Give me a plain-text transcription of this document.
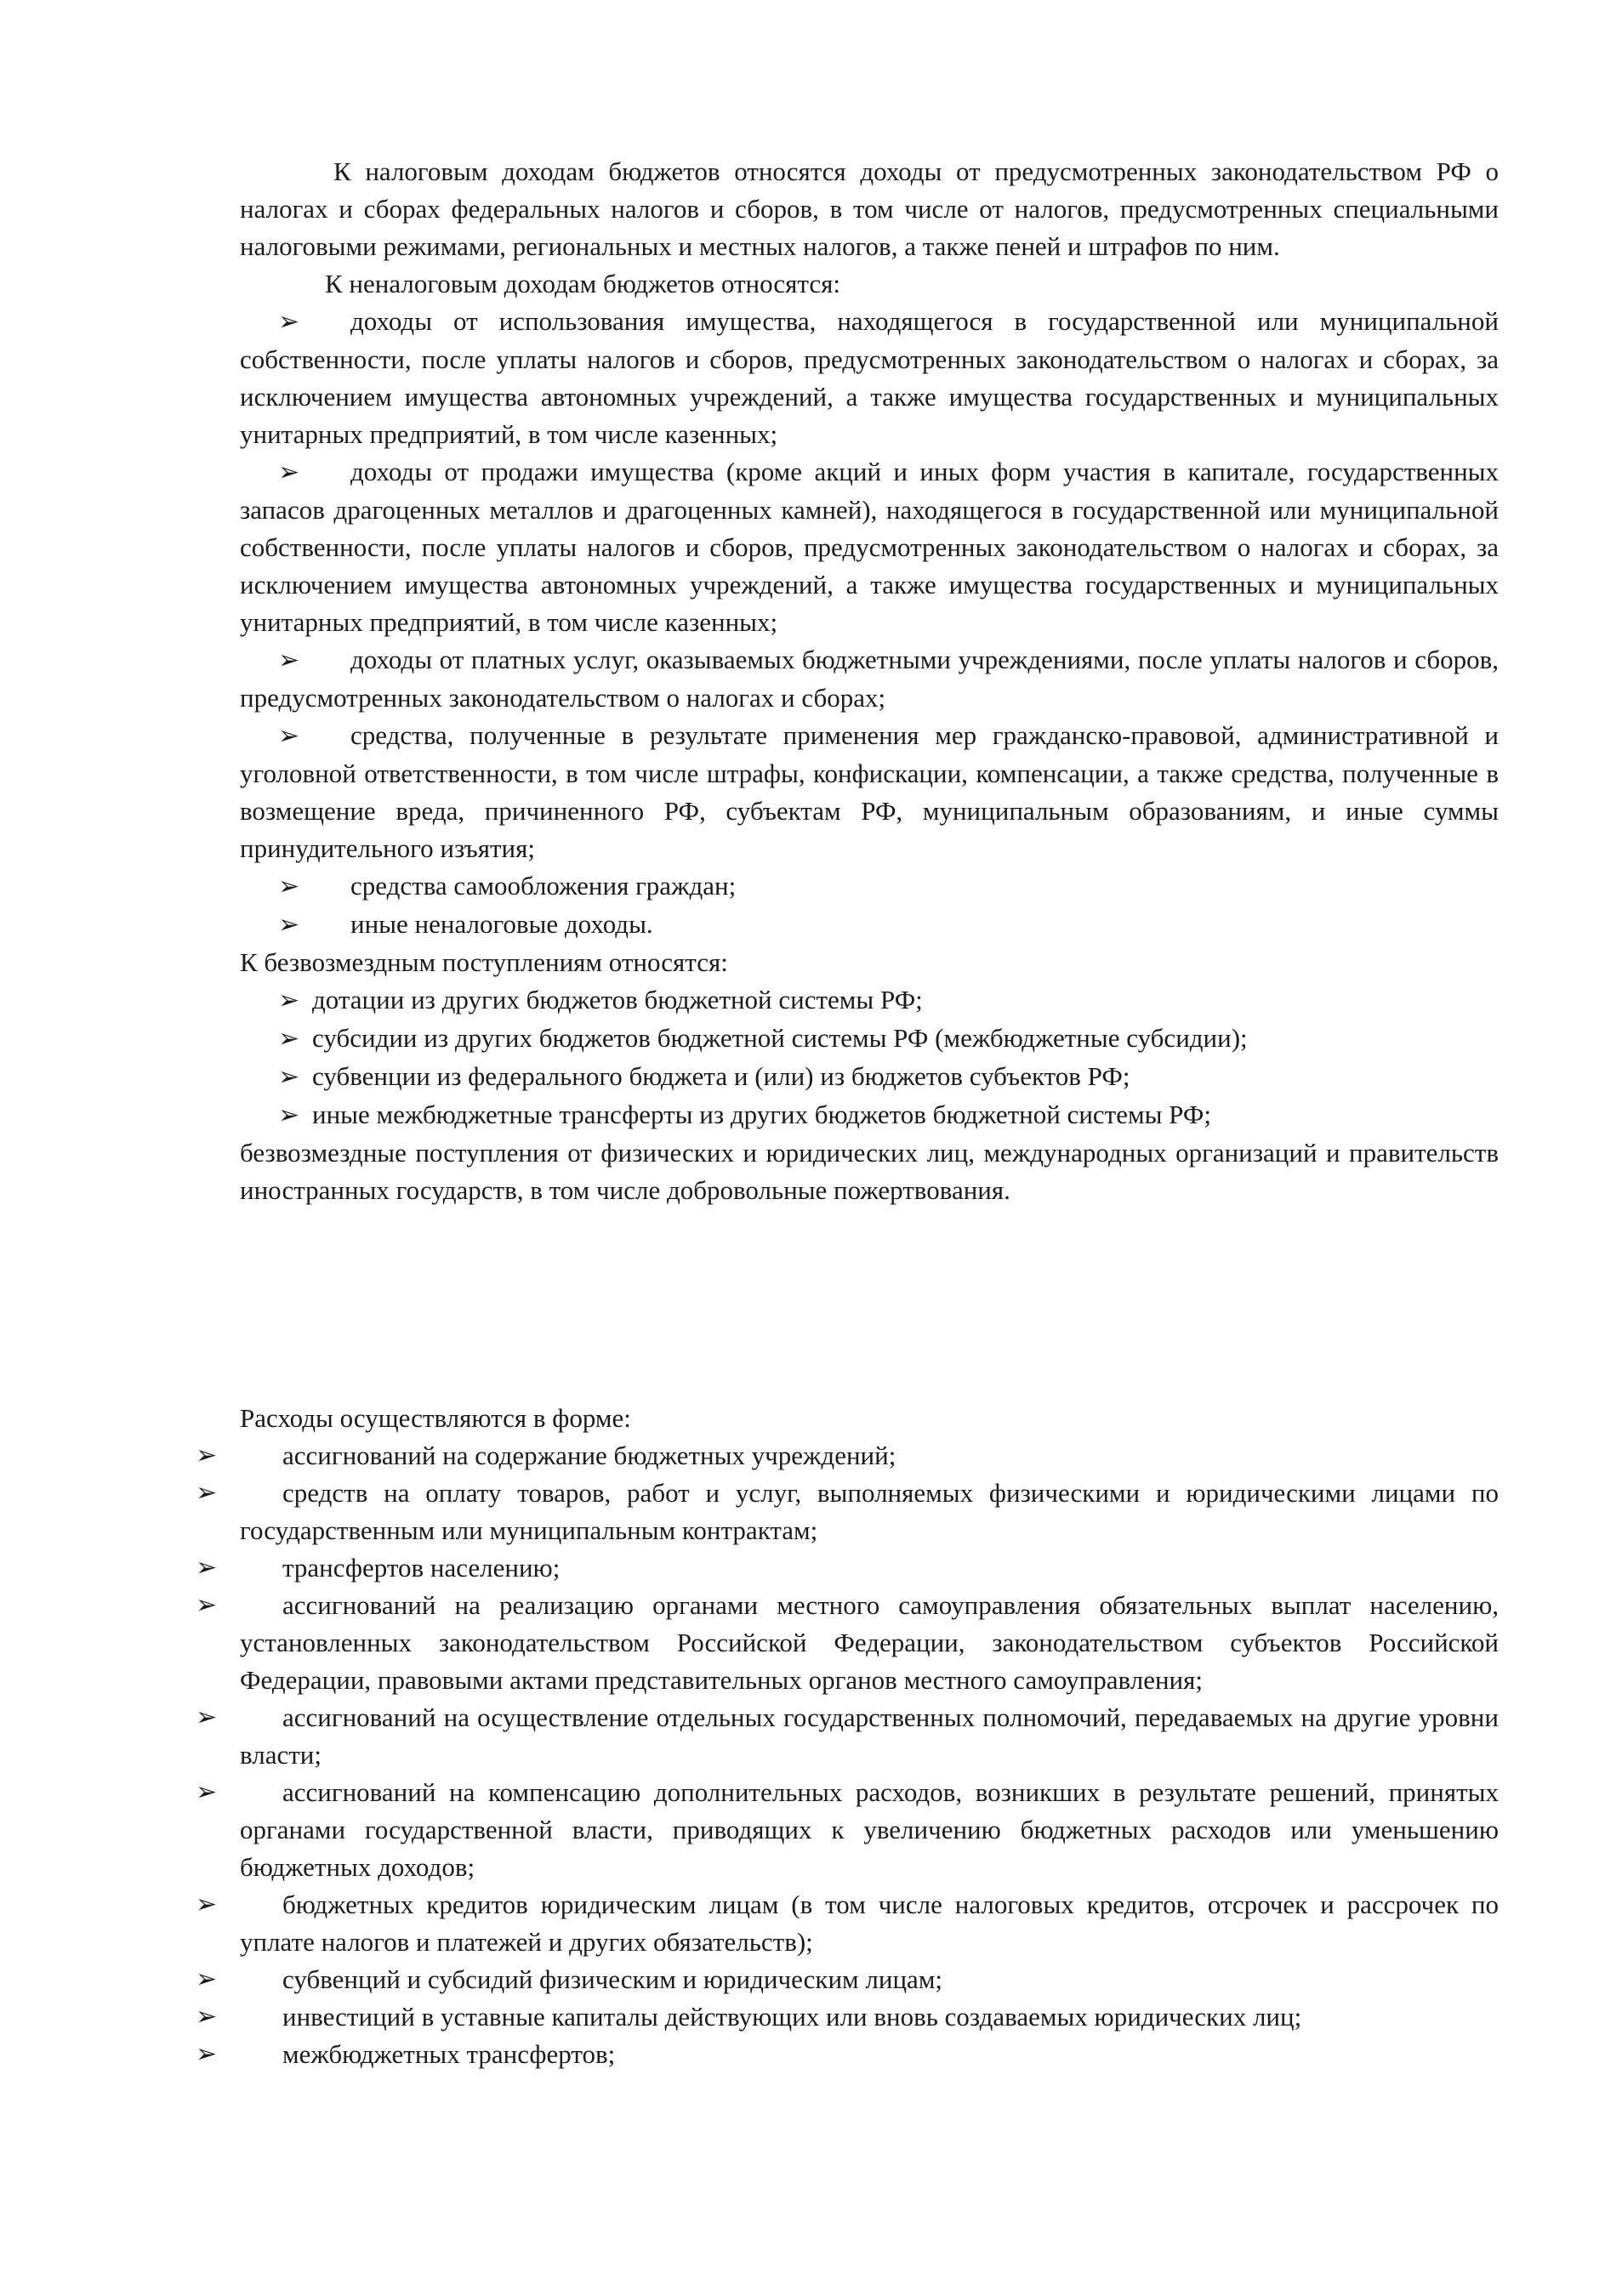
К налоговым доходам бюджетов относятся доходы от предусмотренных законодательством РФ о налогах и сборах федеральных налогов и сборов, в том числе от налогов, предусмотренных специальными налоговыми режимами, региональных и местных налогов, а также пеней и штрафов по ним.

К неналоговым доходам бюджетов относятся:

➢ доходы от использования имущества, находящегося в государственной или муниципальной собственности, после уплаты налогов и сборов, предусмотренных законодательством о налогах и сборах, за исключением имущества автономных учреждений, а также имущества государственных и муниципальных унитарных предприятий, в том числе казенных;
➢ доходы от продажи имущества (кроме акций и иных форм участия в капитале, государственных запасов драгоценных металлов и драгоценных камней), находящегося в государственной или муниципальной собственности, после уплаты налогов и сборов, предусмотренных законодательством о налогах и сборах, за исключением имущества автономных учреждений, а также имущества государственных и муниципальных унитарных предприятий, в том числе казенных;
➢ доходы от платных услуг, оказываемых бюджетными учреждениями, после уплаты налогов и сборов, предусмотренных законодательством о налогах и сборах;
➢ средства, полученные в результате применения мер гражданско-правовой, административной и уголовной ответственности, в том числе штрафы, конфискации, компенсации, а также средства, полученные в возмещение вреда, причиненного РФ, субъектам РФ, муниципальным образованиям, и иные суммы принудительного изъятия;
➢ средства самообложения граждан;
➢ иные неналоговые доходы.

К безвозмездным поступлениям относятся:

➢ дотации из других бюджетов бюджетной системы РФ;
➢ субсидии из других бюджетов бюджетной системы РФ (межбюджетные субсидии);
➢ субвенции из федерального бюджета и (или) из бюджетов субъектов РФ;
➢ иные межбюджетные трансферты из других бюджетов бюджетной системы РФ;

безвозмездные поступления от физических и юридических лиц, международных организаций и правительств иностранных государств, в том числе добровольные пожертвования.

Расходы осуществляются в форме:

➢ ассигнований на содержание бюджетных учреждений;
➢ средств на оплату товаров, работ и услуг, выполняемых физическими и юридическими лицами по государственным или муниципальным контрактам;
➢ трансфертов населению;
➢ ассигнований на реализацию органами местного самоуправления обязательных выплат населению, установленных законодательством Российской Федерации, законодательством субъектов Российской Федерации, правовыми актами представительных органов местного самоуправления;
➢ ассигнований на осуществление отдельных государственных полномочий, передаваемых на другие уровни власти;
➢ ассигнований на компенсацию дополнительных расходов, возникших в результате решений, принятых органами государственной власти, приводящих к увеличению бюджетных расходов или уменьшению бюджетных доходов;
➢ бюджетных кредитов юридическим лицам (в том числе налоговых кредитов, отсрочек и рассрочек по уплате налогов и платежей и других обязательств);
➢ субвенций и субсидий физическим и юридическим лицам;
➢ инвестиций в уставные капиталы действующих или вновь создаваемых юридических лиц;
➢ межбюджетных трансфертов;
